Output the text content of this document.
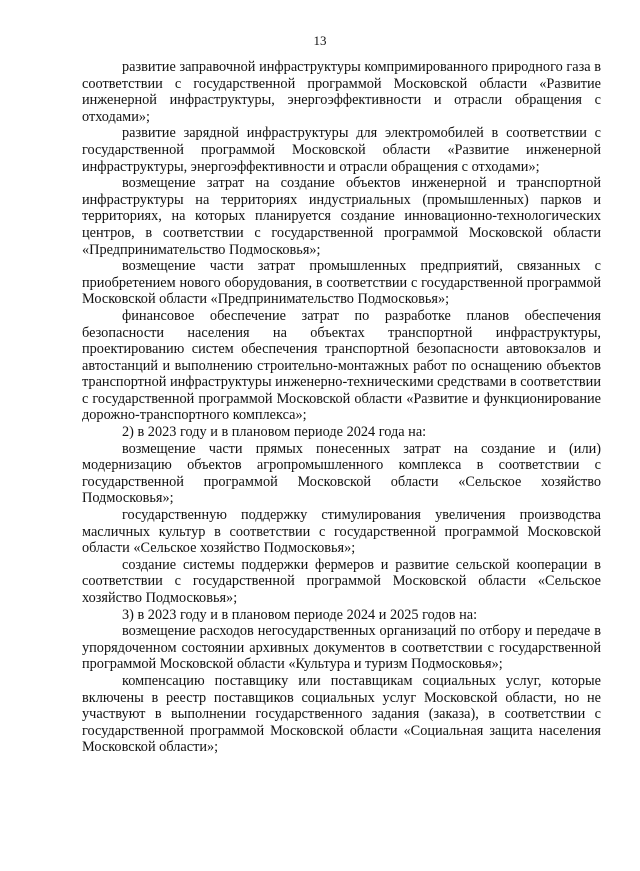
13

развитие заправочной инфраструктуры компримированного природного газа в соответствии с государственной программой Московской области «Развитие инженерной инфраструктуры, энергоэффективности и отрасли обращения с отходами»;

развитие зарядной инфраструктуры для электромобилей в соответствии с государственной программой Московской области «Развитие инженерной инфраструктуры, энергоэффективности и отрасли обращения с отходами»;

возмещение затрат на создание объектов инженерной и транспортной инфраструктуры на территориях индустриальных (промышленных) парков и территориях, на которых планируется создание инновационно-технологических центров, в соответствии с государственной программой Московской области «Предпринимательство Подмосковья»;

возмещение части затрат промышленных предприятий, связанных с приобретением нового оборудования, в соответствии с государственной программой Московской области «Предпринимательство Подмосковья»;

финансовое обеспечение затрат по разработке планов обеспечения безопасности населения на объектах транспортной инфраструктуры, проектированию систем обеспечения транспортной безопасности автовокзалов и автостанций и выполнению строительно-монтажных работ по оснащению объектов транспортной инфраструктуры инженерно-техническими средствами в соответствии с государственной программой Московской области «Развитие и функционирование дорожно-транспортного комплекса»;

2) в 2023 году и в плановом периоде 2024 года на:

возмещение части прямых понесенных затрат на создание и (или) модернизацию объектов агропромышленного комплекса в соответствии с государственной программой Московской области «Сельское хозяйство Подмосковья»;

государственную поддержку стимулирования увеличения производства масличных культур в соответствии с государственной программой Московской области «Сельское хозяйство Подмосковья»;

создание системы поддержки фермеров и развитие сельской кооперации в соответствии с государственной программой Московской области «Сельское хозяйство Подмосковья»;

3) в 2023 году и в плановом периоде 2024 и 2025 годов на:

возмещение расходов негосударственных организаций по отбору и передаче в упорядоченном состоянии архивных документов в соответствии с государственной программой Московской области «Культура и туризм Подмосковья»;

компенсацию поставщику или поставщикам социальных услуг, которые включены в реестр поставщиков социальных услуг Московской области, но не участвуют в выполнении государственного задания (заказа), в соответствии с государственной программой Московской области «Социальная защита населения Московской области»;
